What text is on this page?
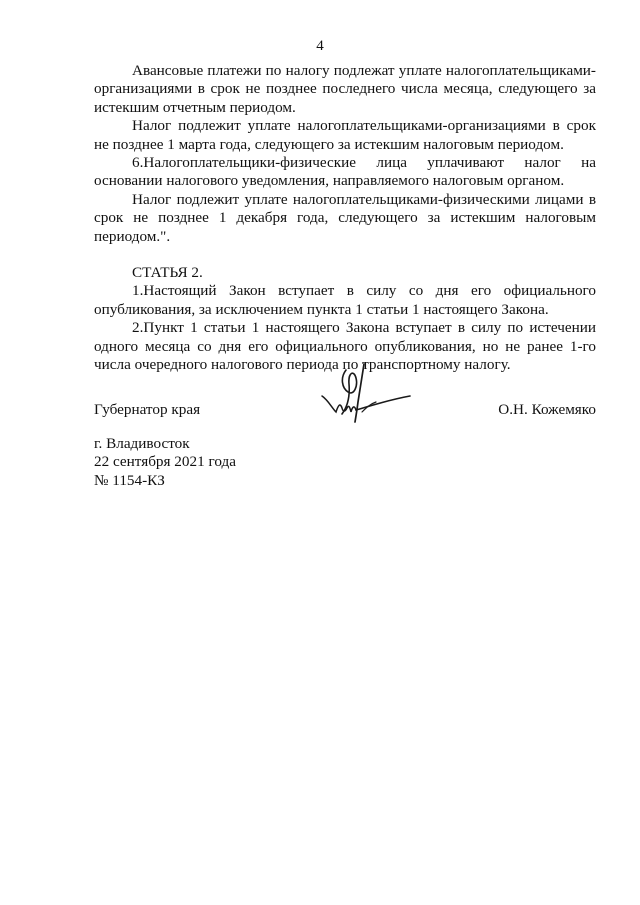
4

Авансовые платежи по налогу подлежат уплате налогоплательщиками-организациями в срок не позднее последнего числа месяца, следующего за истекшим отчетным периодом.

Налог подлежит уплате налогоплательщиками-организациями в срок не позднее 1 марта года, следующего за истекшим налоговым периодом.

6.Налогоплательщики-физические лица уплачивают налог на основании налогового уведомления, направляемого налоговым органом.

Налог подлежит уплате налогоплательщиками-физическими лицами в срок не позднее 1 декабря года, следующего за истекшим налоговым периодом.".

СТАТЬЯ 2.

1.Настоящий Закон вступает в силу со дня его официального опубликования, за исключением пункта 1 статьи 1 настоящего Закона.

2.Пункт 1 статьи 1 настоящего Закона вступает в силу по истечении одного месяца со дня его официального опубликования, но не ранее 1-го числа очередного налогового периода по транспортному налогу.

Губернатор края	О.Н. Кожемяко

г. Владивосток

22 сентября 2021 года

№ 1154-КЗ
